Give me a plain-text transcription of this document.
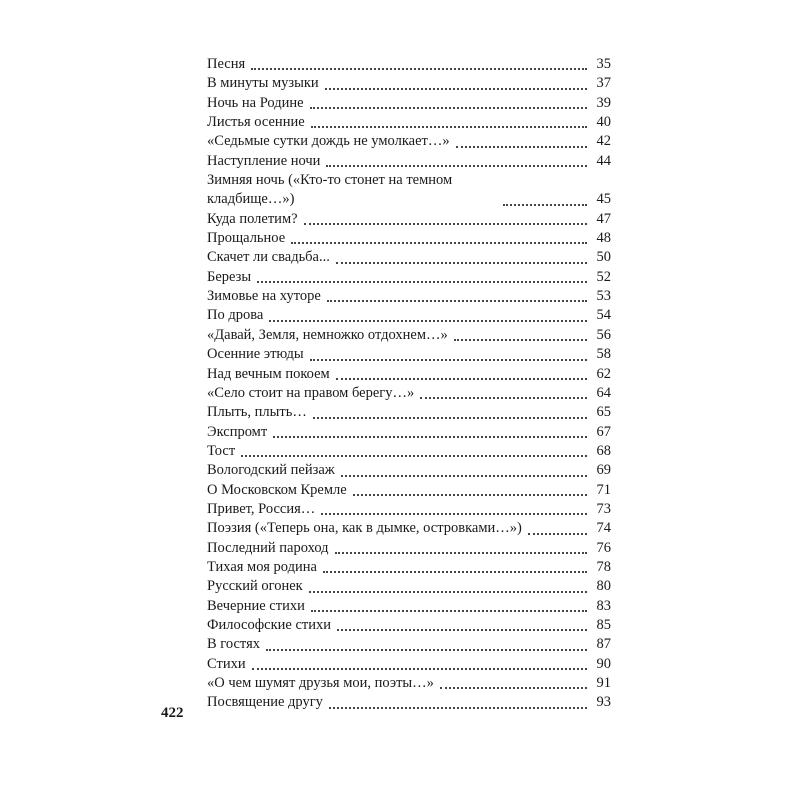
Песня	35
В минуты музыки	37
Ночь на Родине	39
Листья осенние	40
«Седьмые сутки дождь не умолкает…»	42
Наступление ночи	44
Зимняя ночь («Кто-то стонет на темном кладбище…»)	45
Куда полетим?	47
Прощальное	48
Скачет ли свадьба...	50
Березы	52
Зимовье на хуторе	53
По дрова	54
«Давай, Земля, немножко отдохнем…»	56
Осенние этюды	58
Над вечным покоем	62
«Село стоит на правом берегу…»	64
Плыть, плыть…	65
Экспромт	67
Тост	68
Вологодский пейзаж	69
О Московском Кремле	71
Привет, Россия…	73
Поэзия («Теперь она, как в дымке, островками…»)	74
Последний пароход	76
Тихая моя родина	78
Русский огонек	80
Вечерние стихи	83
Философские стихи	85
В гостях	87
Стихи	90
«О чем шумят друзья мои, поэты…»	91
Посвящение другу	93
422
